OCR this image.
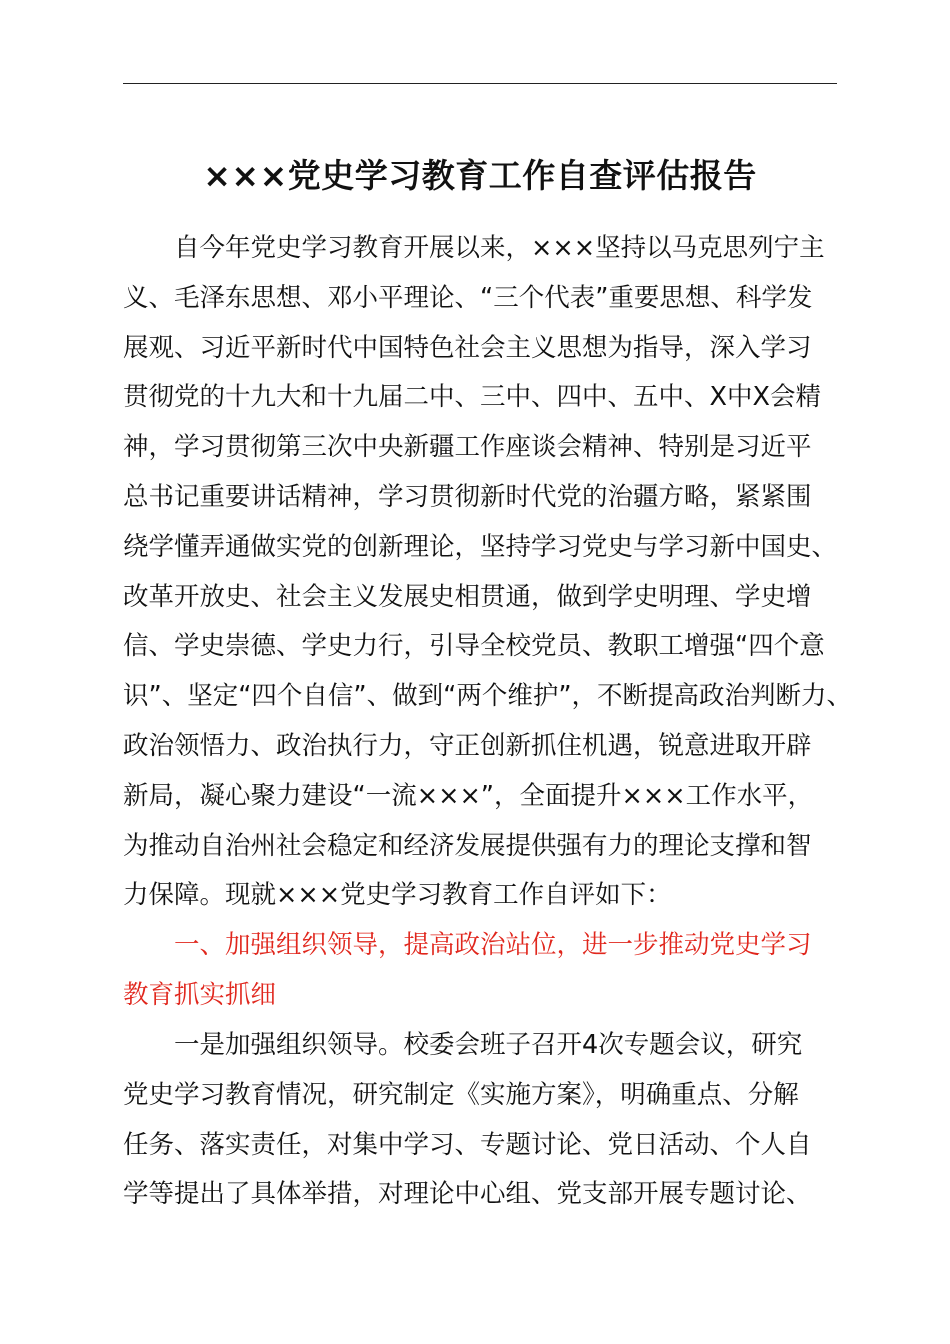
×××党史学习教育工作自查评估报告
自今年党史学习教育开展以来，×××坚持以马克思列宁主
义、毛泽东思想、邓小平理论、“三个代表”重要思想、科学发
展观、习近平新时代中国特色社会主义思想为指导，深入学习
贯彻党的十九大和十九届二中、三中、四中、五中、X中X会精
神，学习贯彻第三次中央新疆工作座谈会精神、特别是习近平
总书记重要讲话精神，学习贯彻新时代党的治疆方略，紧紧围
绕学懂弄通做实党的创新理论，坚持学习党史与学习新中国史、
改革开放史、社会主义发展史相贯通，做到学史明理、学史增
信、学史崇德、学史力行，引导全校党员、教职工增强“四个意
识”、坚定“四个自信”、做到“两个维护”，不断提高政治判断力、
政治领悟力、政治执行力，守正创新抓住机遇，锐意进取开辟
新局，凝心聚力建设“一流×××”，全面提升×××工作水平，
为推动自治州社会稳定和经济发展提供强有力的理论支撑和智
力保障。现就×××党史学习教育工作自评如下：
一、加强组织领导，提高政治站位，进一步推动党史学习
教育抓实抓细
一是加强组织领导。校委会班子召开4次专题会议，研究
党史学习教育情况，研究制定《实施方案》，明确重点、分解
任务、落实责任，对集中学习、专题讨论、党日活动、个人自
学等提出了具体举措，对理论中心组、党支部开展专题讨论、
